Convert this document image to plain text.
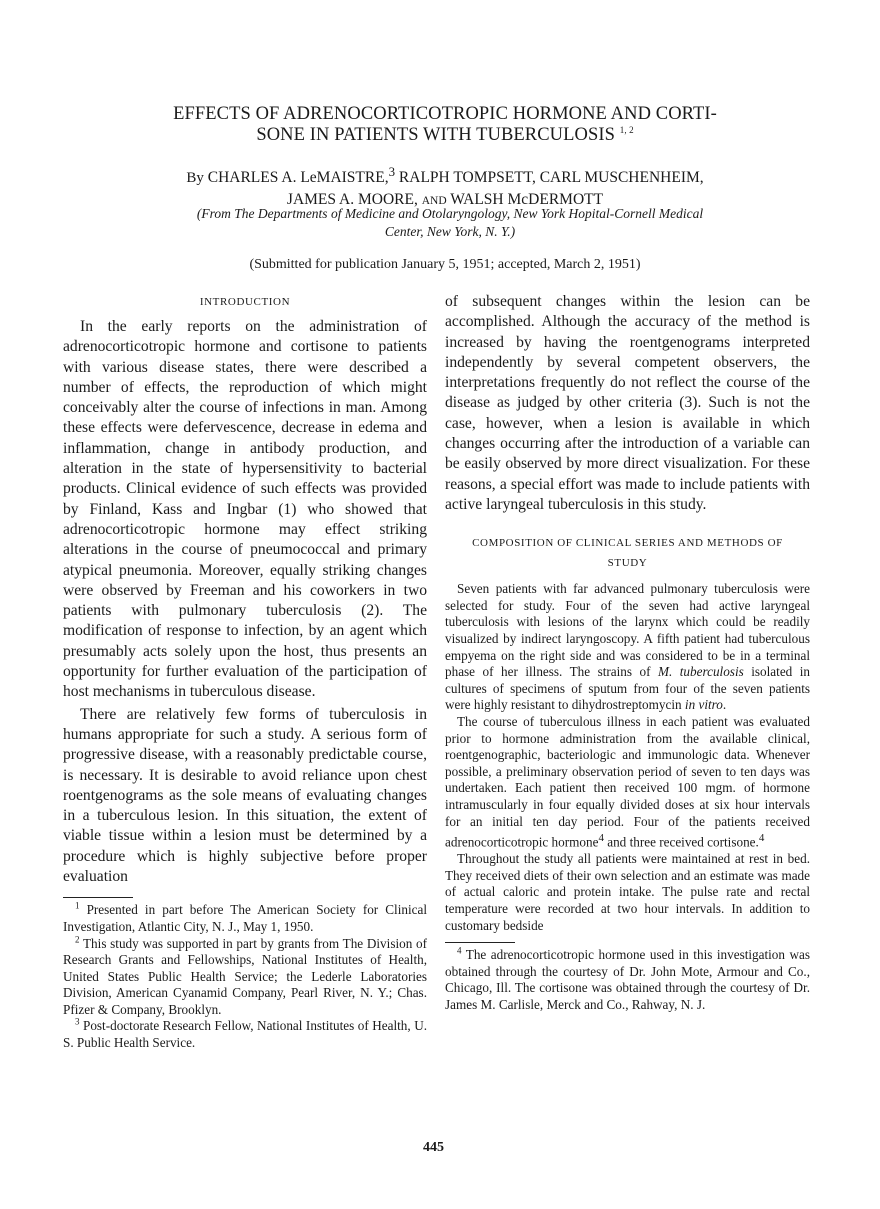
EFFECTS OF ADRENOCORTICOTROPIC HORMONE AND CORTI-
SONE IN PATIENTS WITH TUBERCULOSIS $^{1, 2}$
By CHARLES A. LeMAISTRE,$^3$ RALPH TOMPSETT, CARL MUSCHENHEIM,
JAMES A. MOORE, AND WALSH McDERMOTT
(From The Departments of Medicine and Otolaryngology, New York Hopital-Cornell Medical
Center, New York, N. Y.)
(Submitted for publication January 5, 1951; accepted, March 2, 1951)

INTRODUCTION

In the early reports on the administration of adrenocorticotropic hormone and cortisone to patients with various disease states, there were described a number of effects, the reproduction of which might conceivably alter the course of infections in man. Among these effects were defervescence, decrease in edema and inflammation, change in antibody production, and alteration in the state of hypersensitivity to bacterial products. Clinical evidence of such effects was provided by Finland, Kass and Ingbar (1) who showed that adrenocorticotropic hormone may effect striking alterations in the course of pneumococcal and primary atypical pneumonia. Moreover, equally striking changes were observed by Freeman and his coworkers in two patients with pulmonary tuberculosis (2). The modification of response to infection, by an agent which presumably acts solely upon the host, thus presents an opportunity for further evaluation of the participation of host mechanisms in tuberculous disease.

There are relatively few forms of tuberculosis in humans appropriate for such a study. A serious form of progressive disease, with a reasonably predictable course, is necessary. It is desirable to avoid reliance upon chest roentgenograms as the sole means of evaluating changes in a tuberculous lesion. In this situation, the extent of viable tissue within a lesion must be determined by a procedure which is highly subjective before proper evaluation

$^1$ Presented in part before The American Society for Clinical Investigation, Atlantic City, N. J., May 1, 1950.

$^2$ This study was supported in part by grants from The Division of Research Grants and Fellowships, National Institutes of Health, United States Public Health Service; the Lederle Laboratories Division, American Cyanamid Company, Pearl River, N. Y.; Chas. Pfizer & Company, Brooklyn.

$^3$ Post-doctorate Research Fellow, National Institutes of Health, U. S. Public Health Service.

of subsequent changes within the lesion can be accomplished. Although the accuracy of the method is increased by having the roentgenograms interpreted independently by several competent observers, the interpretations frequently do not reflect the course of the disease as judged by other criteria (3). Such is not the case, however, when a lesion is available in which changes occurring after the introduction of a variable can be easily observed by more direct visualization. For these reasons, a special effort was made to include patients with active laryngeal tuberculosis in this study.

COMPOSITION OF CLINICAL SERIES AND METHODS OF

STUDY

Seven patients with far advanced pulmonary tuberculosis were selected for study. Four of the seven had active laryngeal tuberculosis with lesions of the larynx which could be readily visualized by indirect laryngoscopy. A fifth patient had tuberculous empyema on the right side and was considered to be in a terminal phase of her illness. The strains of M. tuberculosis isolated in cultures of specimens of sputum from four of the seven patients were highly resistant to dihydrostreptomycin in vitro.

The course of tuberculous illness in each patient was evaluated prior to hormone administration from the available clinical, roentgenographic, bacteriologic and immunologic data. Whenever possible, a preliminary observation period of seven to ten days was undertaken. Each patient then received 100 mgm. of hormone intramuscularly in four equally divided doses at six hour intervals for an initial ten day period. Four of the patients received adrenocorticotropic hormone$^4$ and three received cortisone.$^4$

Throughout the study all patients were maintained at rest in bed. They received diets of their own selection and an estimate was made of actual caloric and protein intake. The pulse rate and rectal temperature were recorded at two hour intervals. In addition to customary bedside

$^4$ The adrenocorticotropic hormone used in this investigation was obtained through the courtesy of Dr. John Mote, Armour and Co., Chicago, Ill. The cortisone was obtained through the courtesy of Dr. James M. Carlisle, Merck and Co., Rahway, N. J.

445
